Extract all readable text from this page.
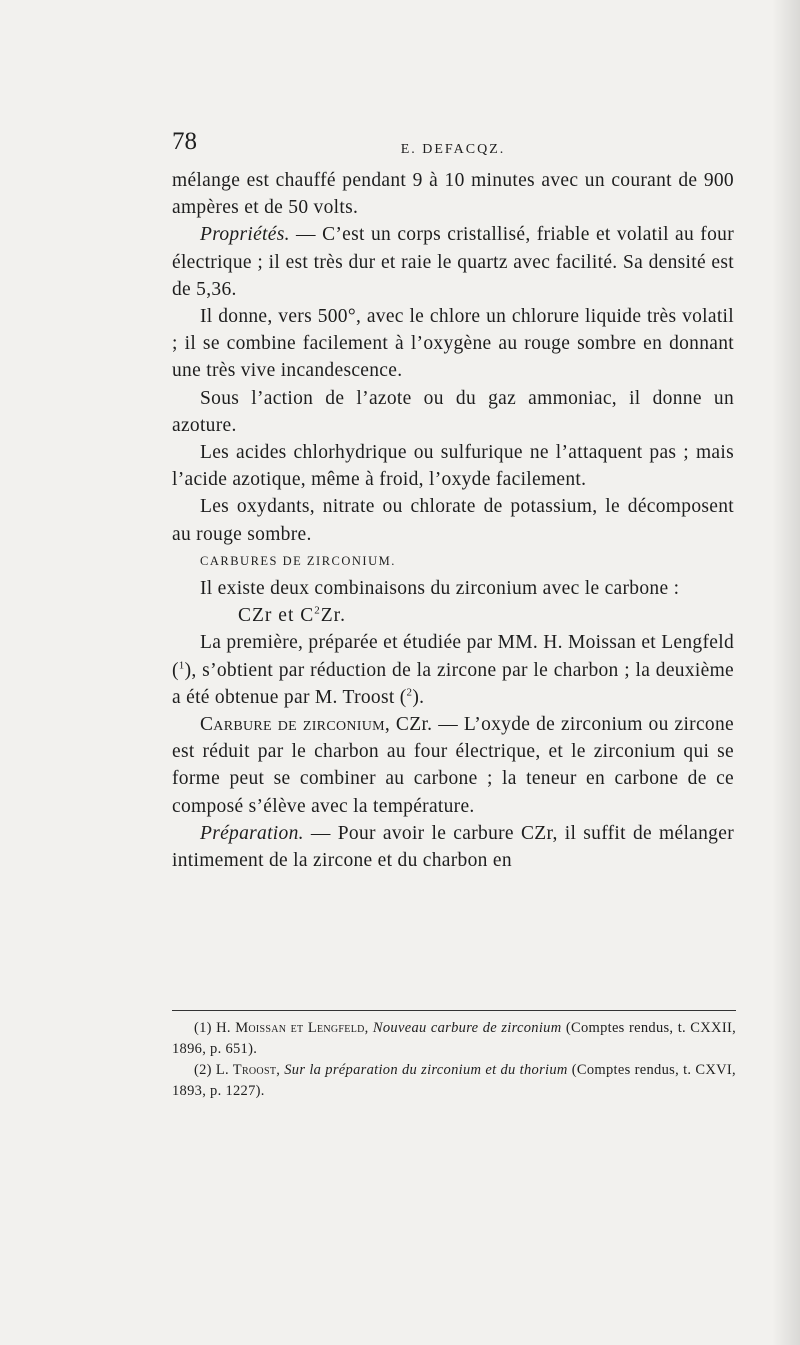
78	E. DEFACQZ.

mélange est chauffé pendant 9 à 10 minutes avec un courant de 900 ampères et de 50 volts.

Propriétés. — C’est un corps cristallisé, friable et volatil au four électrique ; il est très dur et raie le quartz avec facilité. Sa densité est de 5,36.

Il donne, vers 500°, avec le chlore un chlorure liquide très volatil ; il se combine facilement à l’oxygène au rouge sombre en donnant une très vive incandescence.

Sous l’action de l’azote ou du gaz ammoniac, il donne un azoture.

Les acides chlorhydrique ou sulfurique ne l’attaquent pas ; mais l’acide azotique, même à froid, l’oxyde facilement.

Les oxydants, nitrate ou chlorate de potassium, le décomposent au rouge sombre.

CARBURES DE ZIRCONIUM.

Il existe deux combinaisons du zirconium avec le carbone :

CZr et $C^2Zr$.

La première, préparée et étudiée par MM. H. Moissan et Lengfeld ($^1$), s’obtient par réduction de la zircone par le charbon ; la deuxième a été obtenue par M. Troost ($^2$).

Carbure de zirconium, CZr. — L’oxyde de zirconium ou zircone est réduit par le charbon au four électrique, et le zirconium qui se forme peut se combiner au carbone ; la teneur en carbone de ce composé s’élève avec la température.

Préparation. — Pour avoir le carbure CZr, il suffit de mélanger intimement de la zircone et du charbon en

(1) H. Moissan et Lengfeld, Nouveau carbure de zirconium (Comptes rendus, t. CXXII, 1896, p. 651).

(2) L. Troost, Sur la préparation du zirconium et du thorium (Comptes rendus, t. CXVI, 1893, p. 1227).
